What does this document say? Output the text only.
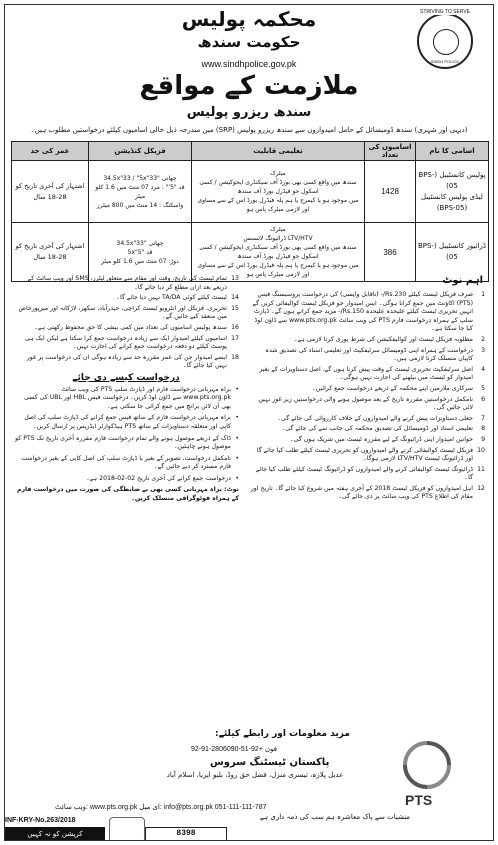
STRIVING TO SERVE
SINDH POLICE
محکمہ پولیس
حکومت سندھ
www.sindhpolice.gov.pk
ملازمت کے مواقع
سندھ ریزرو پولیس
(دیہی اور شہری) سندھ ڈومیسائل کے حامل امیدواروں سے سندھ ریزرو پولیس (SRP) میں مندرجہ ذیل خالی اسامیوں کیلئے درخواستیں مطلوب ہیں۔
اسامی کا نام	اسامیوں کی تعداد	تعلیمی قابلیت	فزیکل کنڈیشن	عمر کی حد
پولیس کانسٹیبل (BPS-05)
لیڈی پولیس کانسٹیبل (BPS-05)	1428	میٹرک
سندھ میں واقع کسی بھی بورڈ آف سیکنڈری ایجوکیشن / کسی اسکول جو فیڈرل بورڈ آف سندھ
میں موجود ہو یا کیمرج یا ہم پلہ فیڈرل بورڈ اس کے سے مساوی اور لازمی میٹرک پاس ہو	چھاتی "34.5x"33 / "5x"33
قد "5'" : مرد 07 منٹ میں 1.6 کلو میٹر
واسکنگ : 14 منٹ میں 800 میٹرز	اشتہار کی آخری تاریخ کو 28-18 سال
ڈرائیور کانسٹیبل (BPS-05)	386	میٹرک
LTV/HTV ڈرائیونگ لائسنس
سندھ میں واقع کسی بھی بورڈ آف سیکنڈری ایجوکیشن / کسی اسکول جو فیڈرل بورڈ آف سندھ
میں موجود ہو یا کیمرج یا ہم پلہ فیڈرل بورڈ اس کے سے مساوی اور لازمی میٹرک پاس ہو	چھاتی "34.5x"33
قد "5x"5
دوڑ: 07 منٹ میں 1.6 کلو میٹر	اشتہار کی آخری تاریخ کو 28-18 سال
اہم نوٹ
1
صرف فزیکل ٹیسٹ کیلئے Rs.230/- (ناقابل واپسی) کی درخواست پروسیسنگ فیس (PTS) اکاؤنٹ میں جمع کرانا ہوگی۔ ایس امیدوار جو فزیکل ٹیسٹ کوالیفائی کریں گے انہیں تحریری ٹیسٹ کیلئے علیحدہ علیحدہ Rs.150/- مزید جمع کرانے ہوں گے۔ ڈپازٹ سلپ کے ہمراہ درخواست فارم PTS کی ویب سائٹ www.pts.org.pk سے ڈاؤن لوڈ کیا جا سکتا ہے۔
2
مطلوبہ فزیکل ٹیسٹ اور کوالیفکیشن کی شرط پوری کرنا لازمی ہے۔
3
درخواست کے ہمراہ اپنی ڈومیسائل سرٹیفکیٹ اور تعلیمی اسناد کی تصدیق شدہ کاپیاں منسلک کرنا لازمی ہیں۔
4
اصل سرٹیفکیٹ تحریری ٹیسٹ کے وقت پیش کرنا ہوں گے، اصل دستاویزات کے بغیر امیدوار کو ٹیسٹ میں بیٹھنے کی اجازت نہیں ہوگی۔
5
سرکاری ملازمین اپنے محکمہ کے ذریعے درخواست جمع کرائیں۔
6
نامکمل درخواستیں مقررہ تاریخ کے بعد موصول ہونے والی درخواستیں زیر غور نہیں لائی جائیں گی۔
7
جعلی دستاویزات پیش کرنے والے امیدواروں کے خلاف کارروائی کی جائے گی۔
8
تعلیمی اسناد اور ڈومیسائل کی تصدیق محکمہ کی جانب سے کی جائے گی۔
9
خواتین امیدوار اپنی ڈرائیونگ کے لیے مقررہ ٹیسٹ میں شریک ہوں گی۔
10
فزیکل ٹیسٹ کوالیفائی کرنے والے امیدواروں کو تحریری ٹیسٹ کیلئے طلب کیا جائے گا اور ڈرائیونگ ٹیسٹ LTV/HTV لازمی ہوگا۔
11
ڈرائیونگ ٹیسٹ کوالیفائی کرنے والے امیدواروں کو ڈرائیونگ ٹیسٹ کیلئے طلب کیا جائے گا۔
12
اہل امیدواروں کو فزیکل ٹیسٹ 2018 کے آخری ہفتہ میں شروع کیا جائے گا۔ تاریخ اور مقام کی اطلاع PTS کی ویب سائٹ پر دی جائے گی۔
13
تمام ٹیسٹ کی تاریخ، وقت اور مقام سے متعلق لیٹرز، SMS اور ویب سائٹ کے ذریعے بعد ازاں مطلع کر دیا جائے گا۔
14
ٹیسٹ کیلئے کوئی TA/DA نہیں دیا جائے گا۔
15
تحریری، فزیکل اور انٹرویو ٹیسٹ کراچی، حیدرآباد، سکھر، لاڑکانہ اور میرپورخاص میں منعقد کیے جائیں گے۔
16
سندھ پولیس اسامیوں کی تعداد میں کمی بیشی کا حق محفوظ رکھتی ہے۔
17
اسامیوں کیلئے امیدوار ایک سے زیادہ درخواست جمع کرا سکتا ہے لیکن ایک ہی پوسٹ کیلئے دو دفعہ درخواست جمع کرانے کی اجازت نہیں۔
18
ایسے امیدوار جن کی عمر مقررہ حد سے زیادہ ہوگی ان کی درخواست پر غور نہیں کیا جائے گا۔
درخواست کیسے دی جائے
•
براہ مہربانی درخواست فارم اور ڈپازٹ سلپ PTS کی ویب سائٹ www.pts.org.pk سے ڈاؤن لوڈ کریں۔ درخواست فیس HBL اور UBL کی کسی بھی آن لائن برانچ میں جمع کرائی جا سکتی ہے۔
•
براہ مہربانی درخواست فارم کے ساتھ فیس جمع کرانے کی ڈپازٹ سلپ کی اصل کاپی اور متعلقہ دستاویزات کے ساتھ PTS ہیڈکوارٹر ایڈریس پر ارسال کریں۔
•
ڈاک کے ذریعے موصول ہونے والے تمام درخواست فارم مقررہ آخری تاریخ تک PTS کو موصول ہونے چاہئیں۔
•
نامکمل درخواست، تصویر کے بغیر یا ڈپازٹ سلپ کی اصل کاپی کے بغیر درخواست فارم مسترد کر دیے جائیں گے۔
•
درخواست جمع کرانے کی آخری تاریخ 02-02-2018 ہے۔
نوٹ: براہ مہربانی کسی بھی بے ضابطگی کی صورت میں درخواست فارم کے ہمراہ فوٹوگرافی منسلک کریں۔
مزید معلومات اور رابطے کیلئے:
فون +92-51-2806090-91-92
پاکستان ٹیسٹنگ سروس
عدیل پلازہ، تیسری منزل، فضل حق روڈ، بلیو ایریا، اسلام آباد
PTS
ویب سائٹ: www.pts.org.pk ای میل: info@pts.org.pk 051-111-111-787
INF-KRY-No.263/2018	منشیات سے پاک معاشرہ ہم سب کی ذمہ داری ہے
کرپشن کو نہ کہیں	8398
